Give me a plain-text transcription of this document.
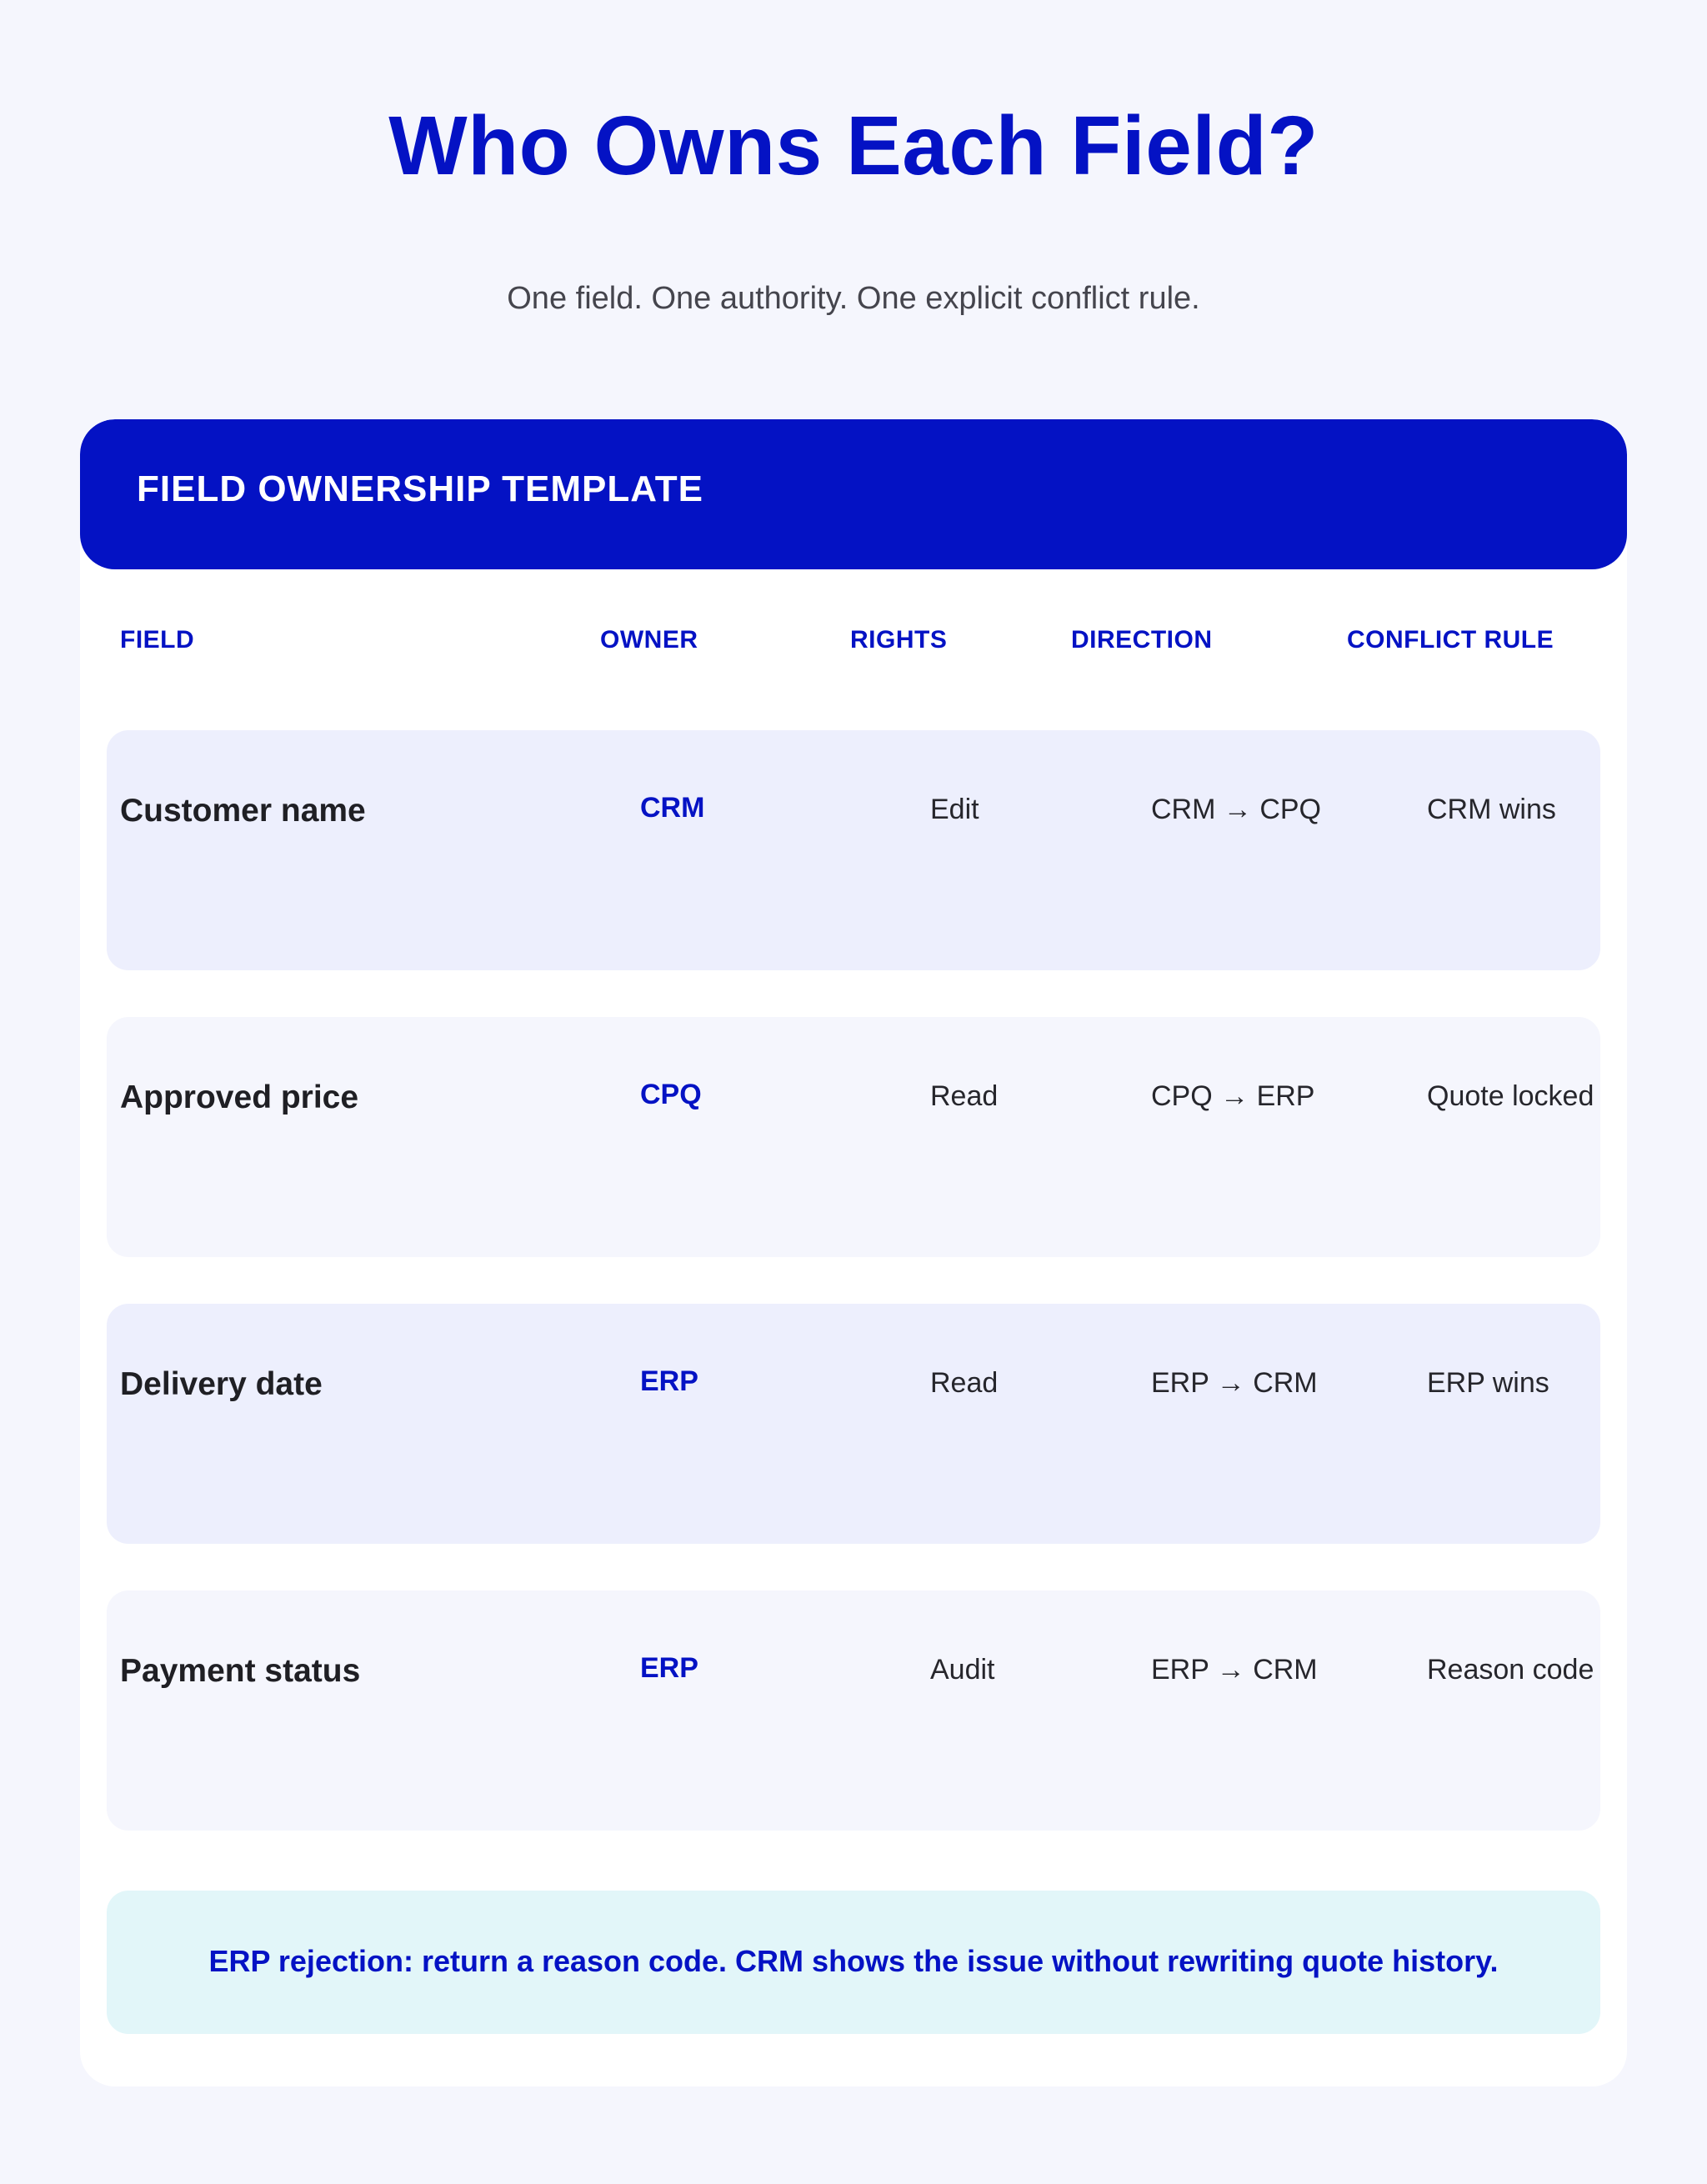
Who Owns Each Field?
One field. One authority. One explicit conflict rule.
FIELD OWNERSHIP TEMPLATE
FIELD	OWNER	RIGHTS	DIRECTION	CONFLICT RULE
Customer name	CRM	Edit	CRM → CPQ	CRM wins
Approved price	CPQ	Read	CPQ → ERP	Quote locked
Delivery date	ERP	Read	ERP → CRM	ERP wins
Payment status	ERP	Audit	ERP → CRM	Reason code
ERP rejection: return a reason code. CRM shows the issue without rewriting quote history.
